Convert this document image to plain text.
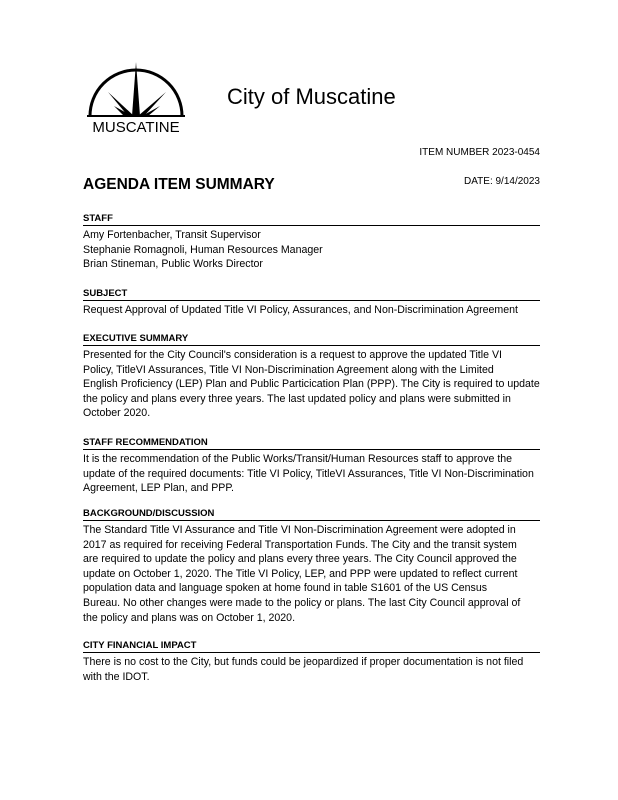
MUSCATINE
City of Muscatine
ITEM NUMBER 2023-0454
AGENDA ITEM SUMMARY	DATE: 9/14/2023
STAFF
Amy Fortenbacher, Transit Supervisor
Stephanie Romagnoli, Human Resources Manager
Brian Stineman, Public Works Director
SUBJECT
Request Approval of Updated Title VI Policy, Assurances, and Non-Discrimination Agreement
EXECUTIVE SUMMARY
Presented for the City Council's consideration is a request to approve the updated Title VI
Policy, TitleVI Assurances, Title VI Non-Discrimination Agreement along with the Limited
English Proficiency (LEP) Plan and Public Particication Plan (PPP). The City is required to update
the policy and plans every three years. The last updated policy and plans were submitted in
October 2020.
STAFF RECOMMENDATION
It is the recommendation of the Public Works/Transit/Human Resources staff to approve the
update of the required documents: Title VI Policy, TitleVI Assurances, Title VI Non-Discrimination
Agreement, LEP Plan, and PPP.
BACKGROUND/DISCUSSION
The Standard Title VI Assurance and Title VI Non-Discrimination Agreement were adopted in
2017 as required for receiving Federal Transportation Funds. The City and the transit system
are required to update the policy and plans every three years. The City Council approved the
update on October 1, 2020. The Title VI Policy, LEP, and PPP were updated to reflect current
population data and language spoken at home found in table S1601 of the US Census
Bureau. No other changes were made to the policy or plans. The last City Council approval of
the policy and plans was on October 1, 2020.
CITY FINANCIAL IMPACT
There is no cost to the City, but funds could be jeopardized if proper documentation is not filed
with the IDOT.
